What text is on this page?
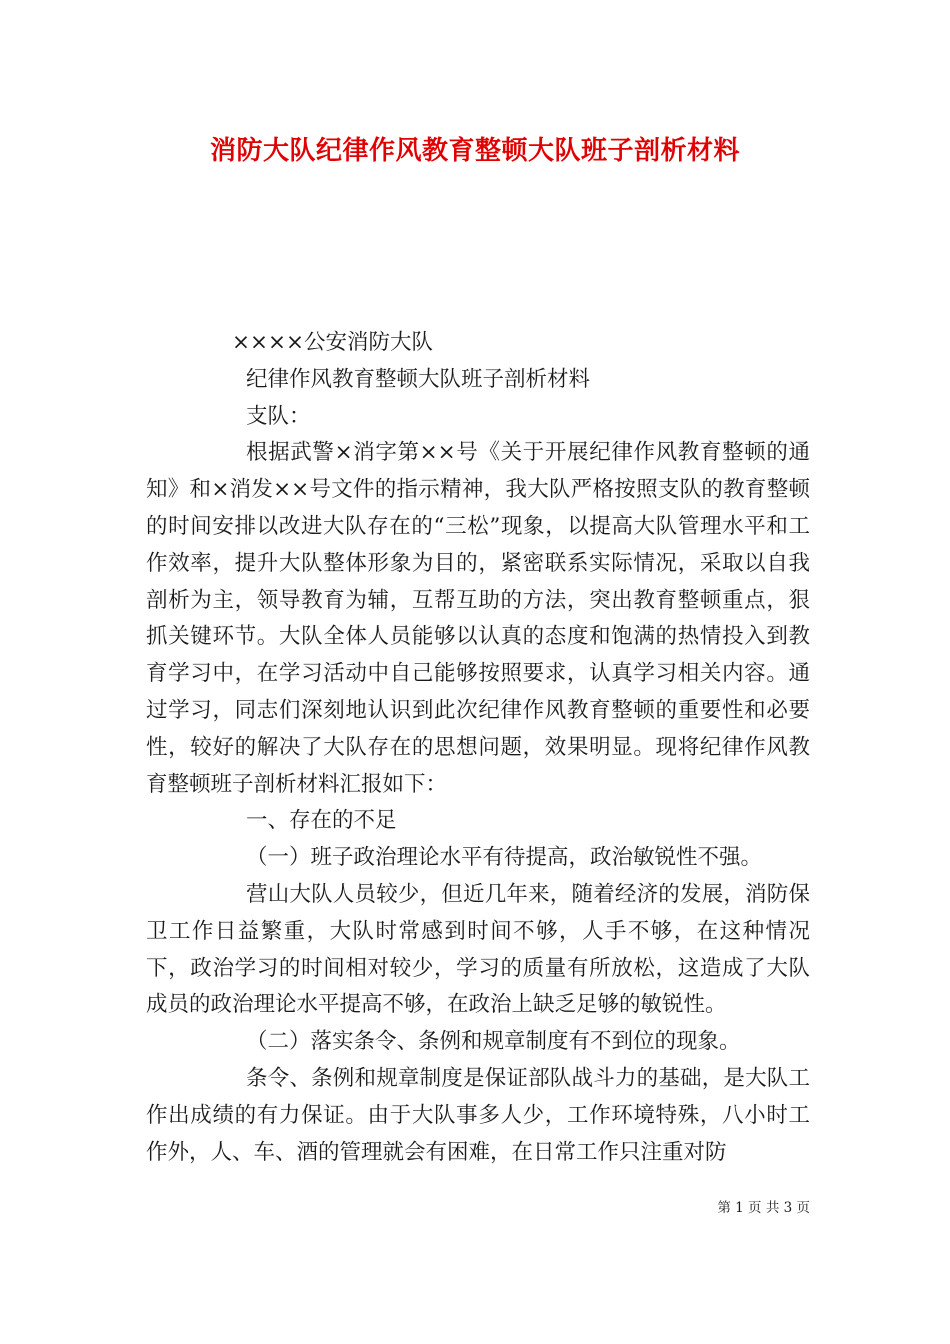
消防大队纪律作风教育整顿大队班子剖析材料

××××公安消防大队

纪律作风教育整顿大队班子剖析材料

支队：

根据武警×消字第××号《关于开展纪律作风教育整顿的通知》和×消发××号文件的指示精神，我大队严格按照支队的教育整顿的时间安排以改进大队存在的“三松”现象，以提高大队管理水平和工作效率，提升大队整体形象为目的，紧密联系实际情况，采取以自我剖析为主，领导教育为辅，互帮互助的方法，突出教育整顿重点，狠抓关键环节。大队全体人员能够以认真的态度和饱满的热情投入到教育学习中，在学习活动中自己能够按照要求，认真学习相关内容。通过学习，同志们深刻地认识到此次纪律作风教育整顿的重要性和必要性，较好的解决了大队存在的思想问题，效果明显。现将纪律作风教育整顿班子剖析材料汇报如下：

一、存在的不足

（一）班子政治理论水平有待提高，政治敏锐性不强。

营山大队人员较少，但近几年来，随着经济的发展，消防保卫工作日益繁重，大队时常感到时间不够，人手不够，在这种情况下，政治学习的时间相对较少，学习的质量有所放松，这造成了大队成员的政治理论水平提高不够，在政治上缺乏足够的敏锐性。

（二）落实条令、条例和规章制度有不到位的现象。

条令、条例和规章制度是保证部队战斗力的基础，是大队工作出成绩的有力保证。由于大队事多人少，工作环境特殊，八小时工作外，人、车、酒的管理就会有困难，在日常工作只注重对防

第 1 页 共 3 页
